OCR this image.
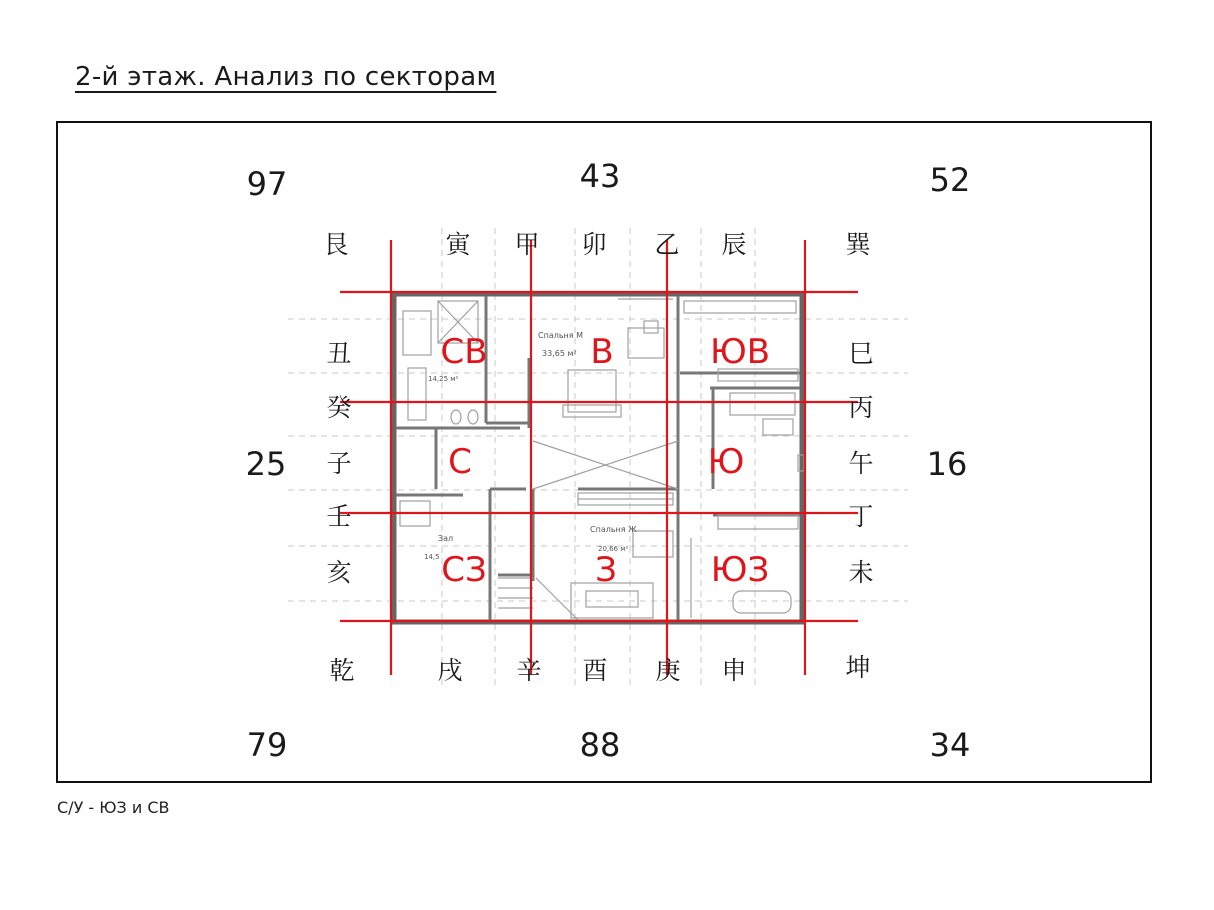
2-й этаж. Анализ по секторам
Спальня М
33,65 м²
14,25 м²
Спальня Ж
20,66 м²
Зал
14,5
СВ	В	ЮВ
С	Ю
СЗ	З	ЮЗ
艮	寅 甲 卯 乙 辰	巽
丑
癸
子
壬
亥
巳
丙
午
丁
未
乾	戌 辛 酉 庚 申	坤
97	43	52
25	16
79	88	34
С/У - ЮЗ и СВ
